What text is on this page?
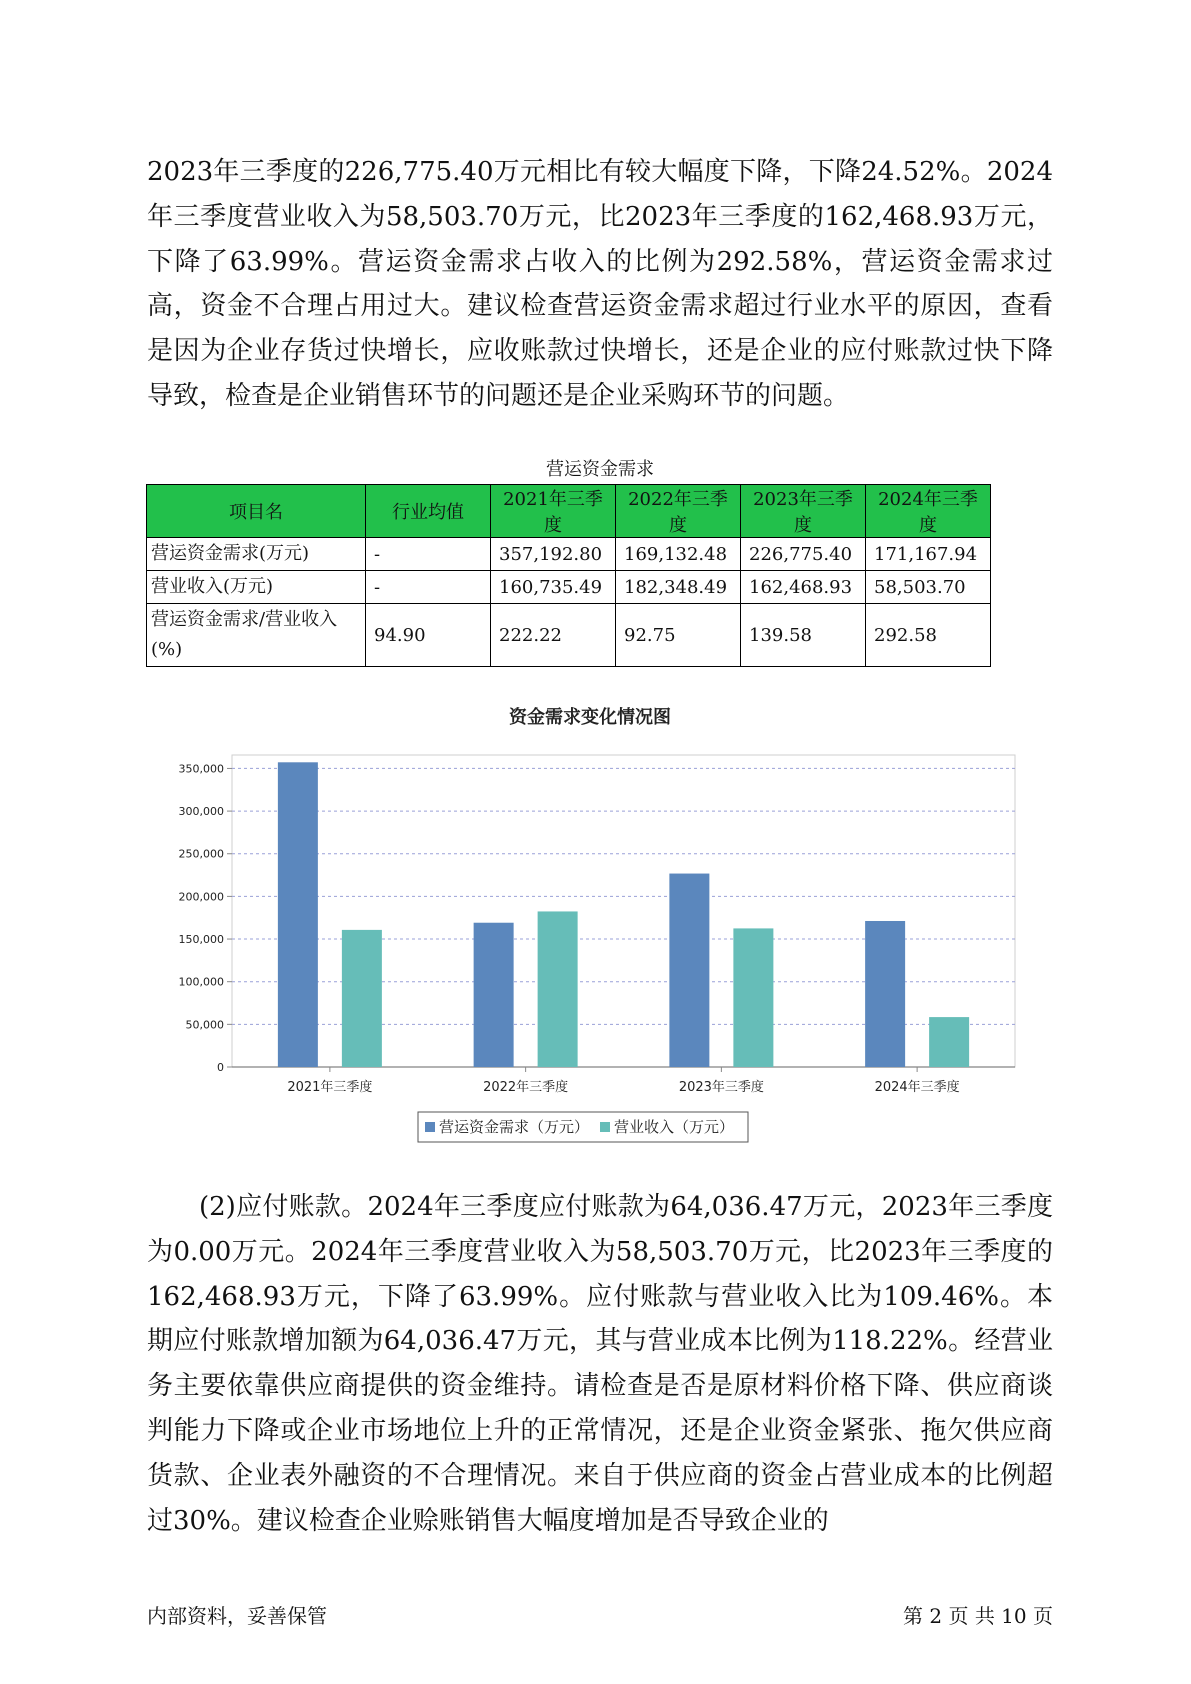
2023年三季度的226,775.40万元相比有较大幅度下降，下降24.52%。2024年三季度营业收入为58,503.70万元，比2023年三季度的162,468.93万元，下降了63.99%。营运资金需求占收入的比例为292.58%，营运资金需求过高，资金不合理占用过大。建议检查营运资金需求超过行业水平的原因，查看是因为企业存货过快增长，应收账款过快增长，还是企业的应付账款过快下降导致，检查是企业销售环节的问题还是企业采购环节的问题。

营运资金需求
项目名	行业均值	2021年三季度	2022年三季度	2023年三季度	2024年三季度
营运资金需求(万元)	-	357,192.80	169,132.48	226,775.40	171,167.94
营业收入(万元)	-	160,735.49	182,348.49	162,468.93	58,503.70
营运资金需求/营业收入(%)	94.90	222.22	92.75	139.58	292.58
资金需求变化情况图
0
50,000
100,000
150,000
200,000
250,000
300,000
350,000
2021年三季度	2022年三季度	2023年三季度	2024年三季度
营运资金需求（万元） 营业收入（万元）

(2)应付账款。2024年三季度应付账款为64,036.47万元，2023年三季度为0.00万元。2024年三季度营业收入为58,503.70万元，比2023年三季度的162,468.93万元，下降了63.99%。应付账款与营业收入比为109.46%。本期应付账款增加额为64,036.47万元，其与营业成本比例为118.22%。经营业务主要依靠供应商提供的资金维持。请检查是否是原材料价格下降、供应商谈判能力下降或企业市场地位上升的正常情况，还是企业资金紧张、拖欠供应商货款、企业表外融资的不合理情况。来自于供应商的资金占营业成本的比例超过30%。建议检查企业赊账销售大幅度增加是否导致企业的

内部资料，妥善保管	第 2 页 共 10 页
